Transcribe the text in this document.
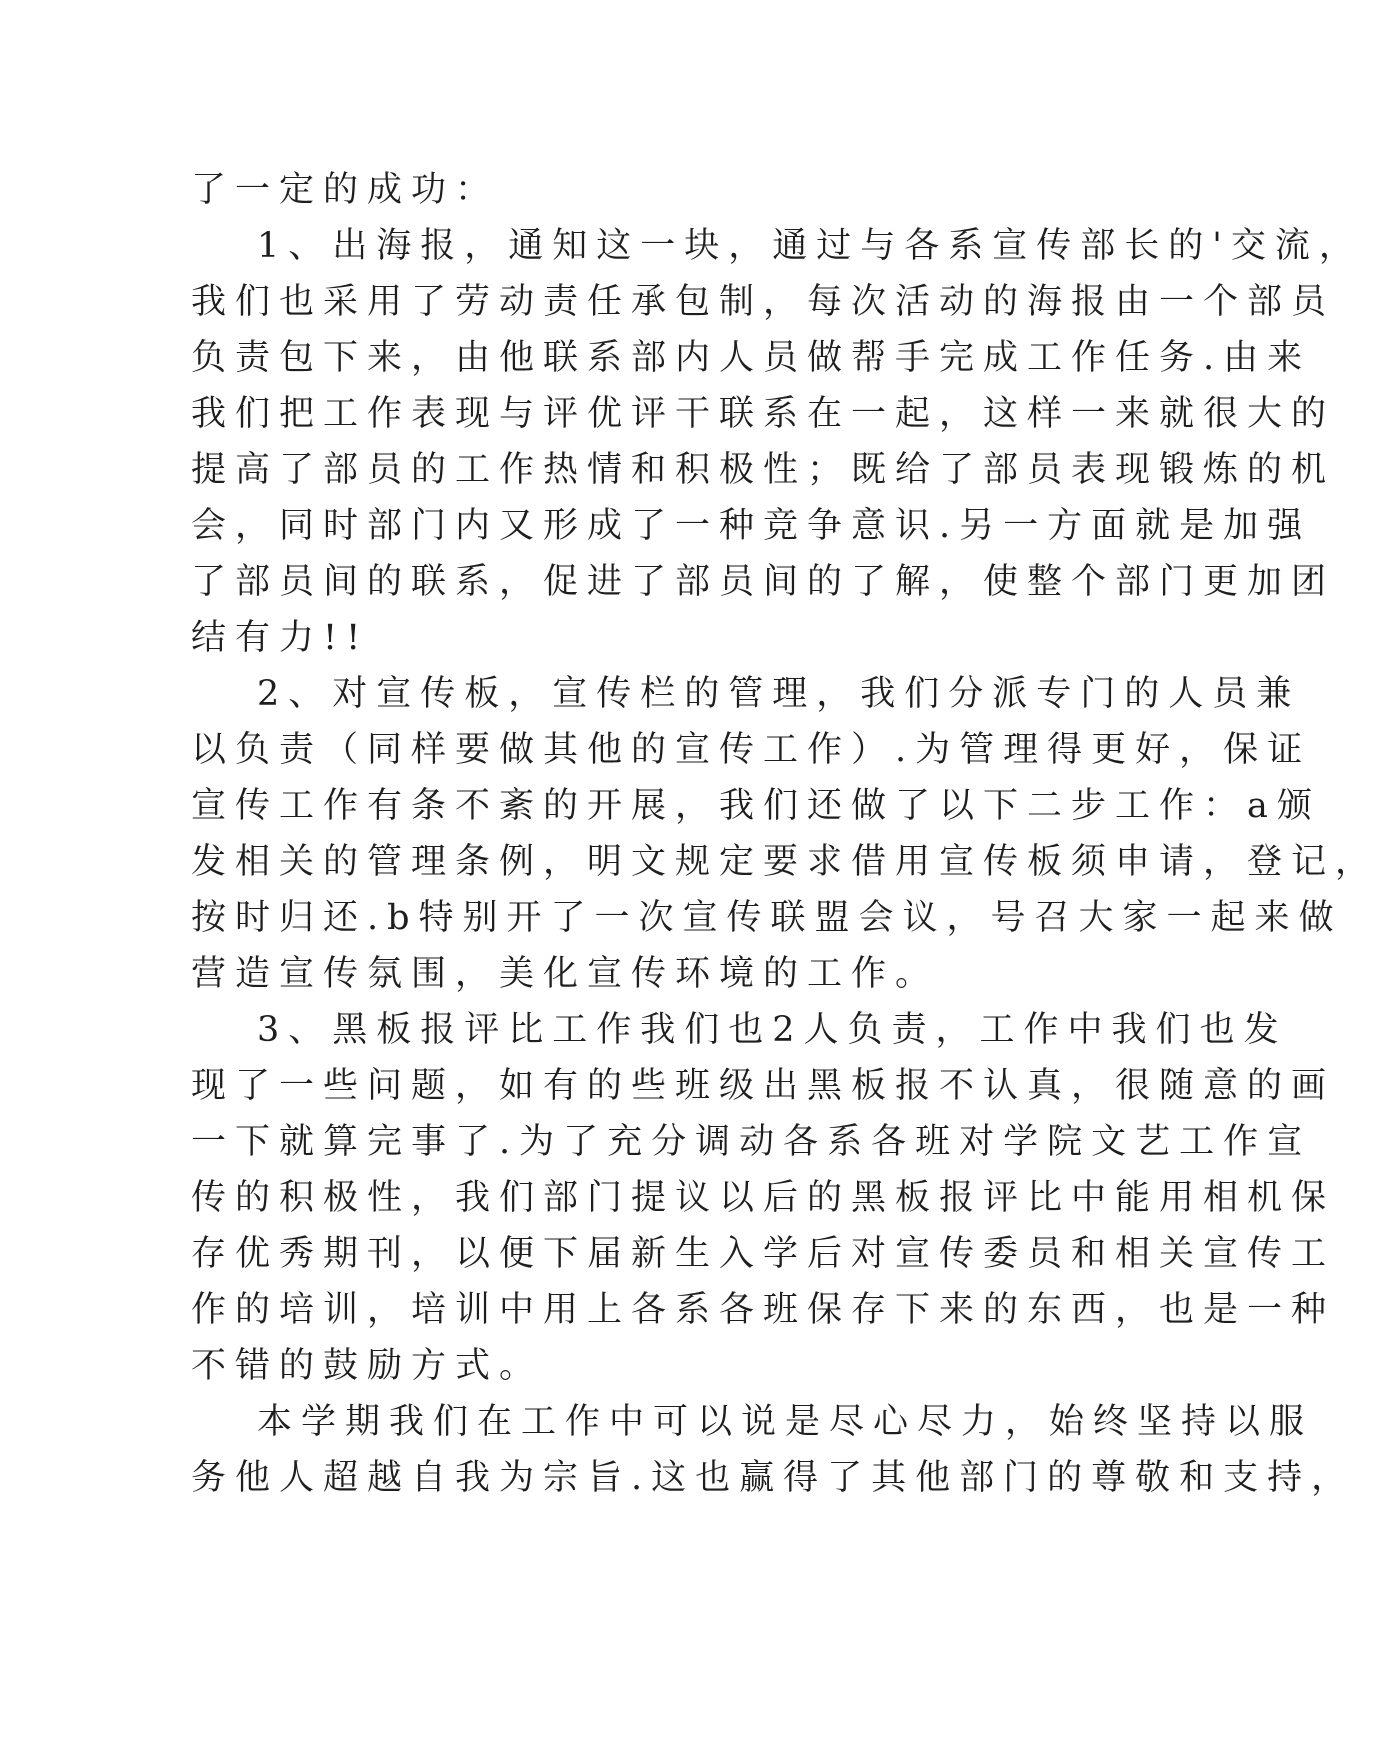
了一定的成功：
1、出海报，通知这一块，通过与各系宣传部长的'交流，
我们也采用了劳动责任承包制，每次活动的海报由一个部员
负责包下来，由他联系部内人员做帮手完成工作任务.由来
我们把工作表现与评优评干联系在一起，这样一来就很大的
提高了部员的工作热情和积极性；既给了部员表现锻炼的机
会，同时部门内又形成了一种竞争意识.另一方面就是加强
了部员间的联系，促进了部员间的了解，使整个部门更加团
结有力!!
2、对宣传板，宣传栏的管理，我们分派专门的人员兼
以负责（同样要做其他的宣传工作）.为管理得更好，保证
宣传工作有条不紊的开展，我们还做了以下二步工作：a颁
发相关的管理条例，明文规定要求借用宣传板须申请，登记，
按时归还.b特别开了一次宣传联盟会议，号召大家一起来做
营造宣传氛围，美化宣传环境的工作。
3、黑板报评比工作我们也2人负责，工作中我们也发
现了一些问题，如有的些班级出黑板报不认真，很随意的画
一下就算完事了.为了充分调动各系各班对学院文艺工作宣
传的积极性，我们部门提议以后的黑板报评比中能用相机保
存优秀期刊，以便下届新生入学后对宣传委员和相关宣传工
作的培训，培训中用上各系各班保存下来的东西，也是一种
不错的鼓励方式。
本学期我们在工作中可以说是尽心尽力，始终坚持以服
务他人超越自我为宗旨.这也赢得了其他部门的尊敬和支持，
